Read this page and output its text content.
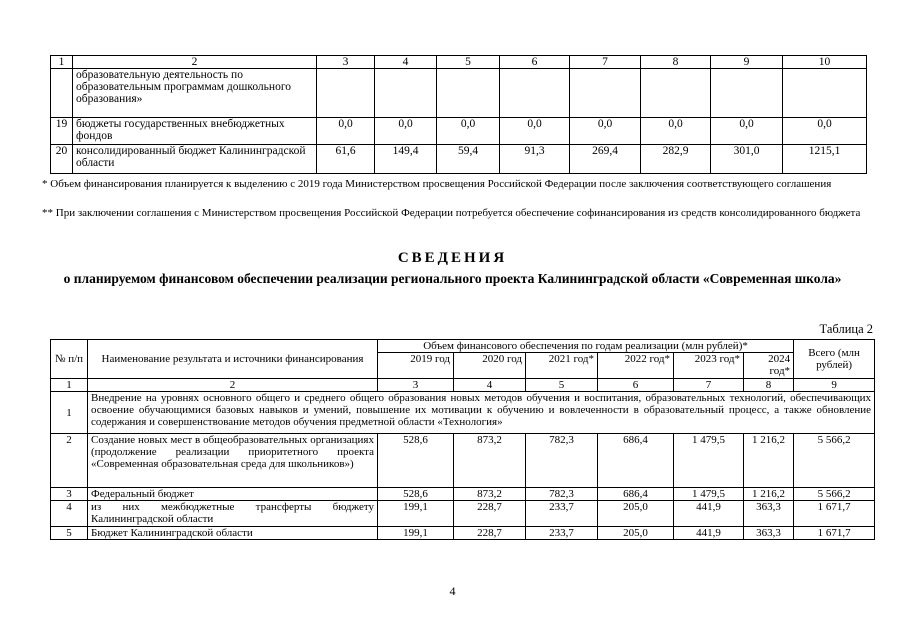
1	2	3	4	5	6	7	8	9	10
	образовательную деятельность по образовательным программам дошкольного образования»								
19	бюджеты государственных внебюджетных фондов	0,0	0,0	0,0	0,0	0,0	0,0	0,0	0,0
20	консолидированный бюджет Калининградской области	61,6	149,4	59,4	91,3	269,4	282,9	301,0	1215,1
* Объем финансирования планируется к выделению с 2019 года Министерством просвещения Российской Федерации после заключения соответствующего соглашения
** При заключении соглашения с Министерством просвещения Российской Федерации потребуется обеспечение софинансирования из средств консолидированного бюджета
СВЕДЕНИЯ
о планируемом финансовом обеспечении реализации регионального проекта Калининградской области «Современная школа»
Таблица 2
№ п/п	Наименование результата и источники финансирования	Объем финансового обеспечения по годам реализации (млн рублей)*						Всего (млн рублей)
		2019 год	2020 год	2021 год*	2022 год*	2023 год*	2024 год*	
1	2	3	4	5	6	7	8	9
1	Внедрение на уровнях основного общего и среднего общего образования новых методов обучения и воспитания, образовательных технологий, обеспечивающих освоение обучающимися базовых навыков и умений, повышение их мотивации к обучению и вовлеченности в образовательный процесс, а также обновление содержания и совершенствование методов обучения предметной области «Технология»							
2	Создание новых мест в общеобразовательных организациях (продолжение реализации приоритетного проекта «Современная образовательная среда для школьников»)	528,6	873,2	782,3	686,4	1 479,5	1 216,2	5 566,2
3	Федеральный бюджет	528,6	873,2	782,3	686,4	1 479,5	1 216,2	5 566,2
4	из них межбюджетные трансферты бюджету Калининградской области	199,1	228,7	233,7	205,0	441,9	363,3	1 671,7
5	Бюджет Калининградской области	199,1	228,7	233,7	205,0	441,9	363,3	1 671,7
4
